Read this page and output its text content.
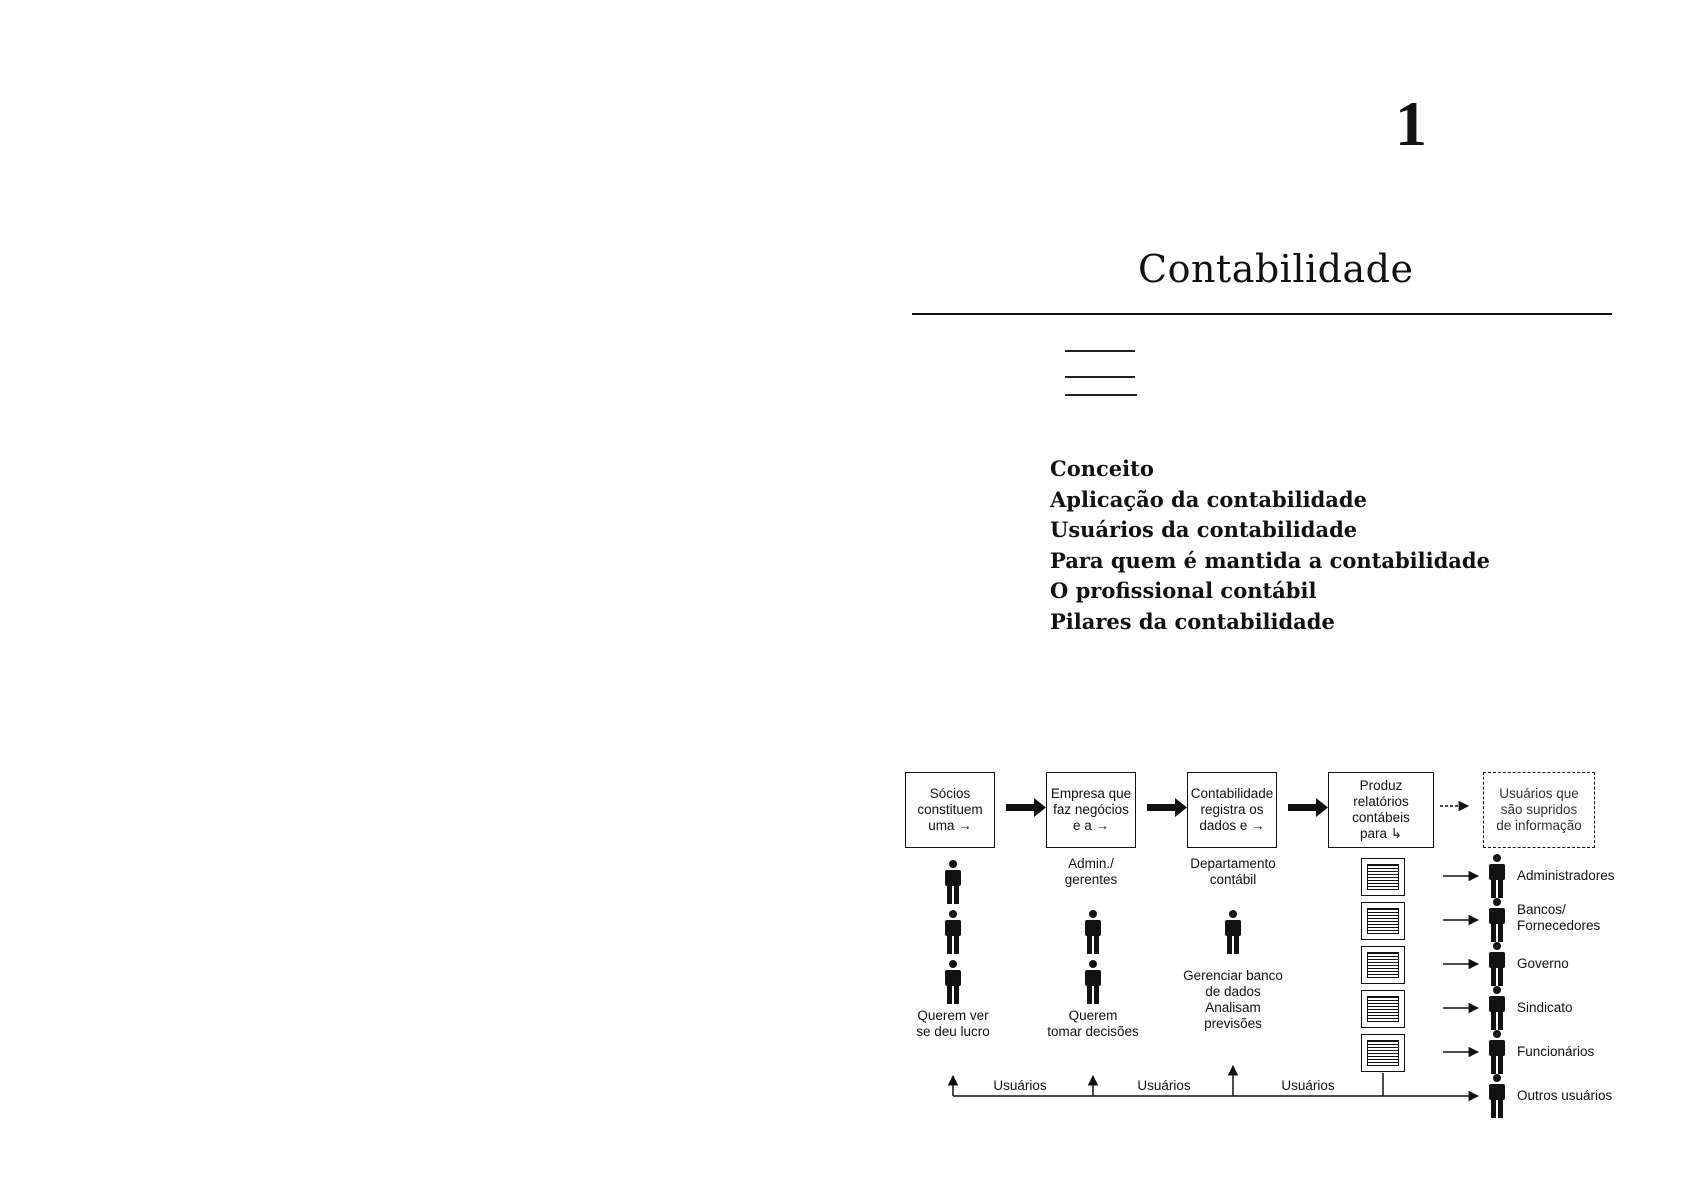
1
Contabilidade
Conceito
Aplicação da contabilidade
Usuários da contabilidade
Para quem é mantida a contabilidade
O profissional contábil
Pilares da contabilidade
Sócios
constituem
uma →
Empresa que
faz negócios
e a →
Contabilidade
registra os
dados e →
Produz relatórios
contábeis
para ↳
Usuários que
são supridos
de informação
Querem ver
se deu lucro
Admin./
gerentes
Querem
tomar decisões
Departamento
contábil
Gerenciar banco
de dados
Analisam
previsões
Administradores
Bancos/
Fornecedores
Governo
Sindicato
Funcionários
Outros usuários
Usuários	Usuários	Usuários
